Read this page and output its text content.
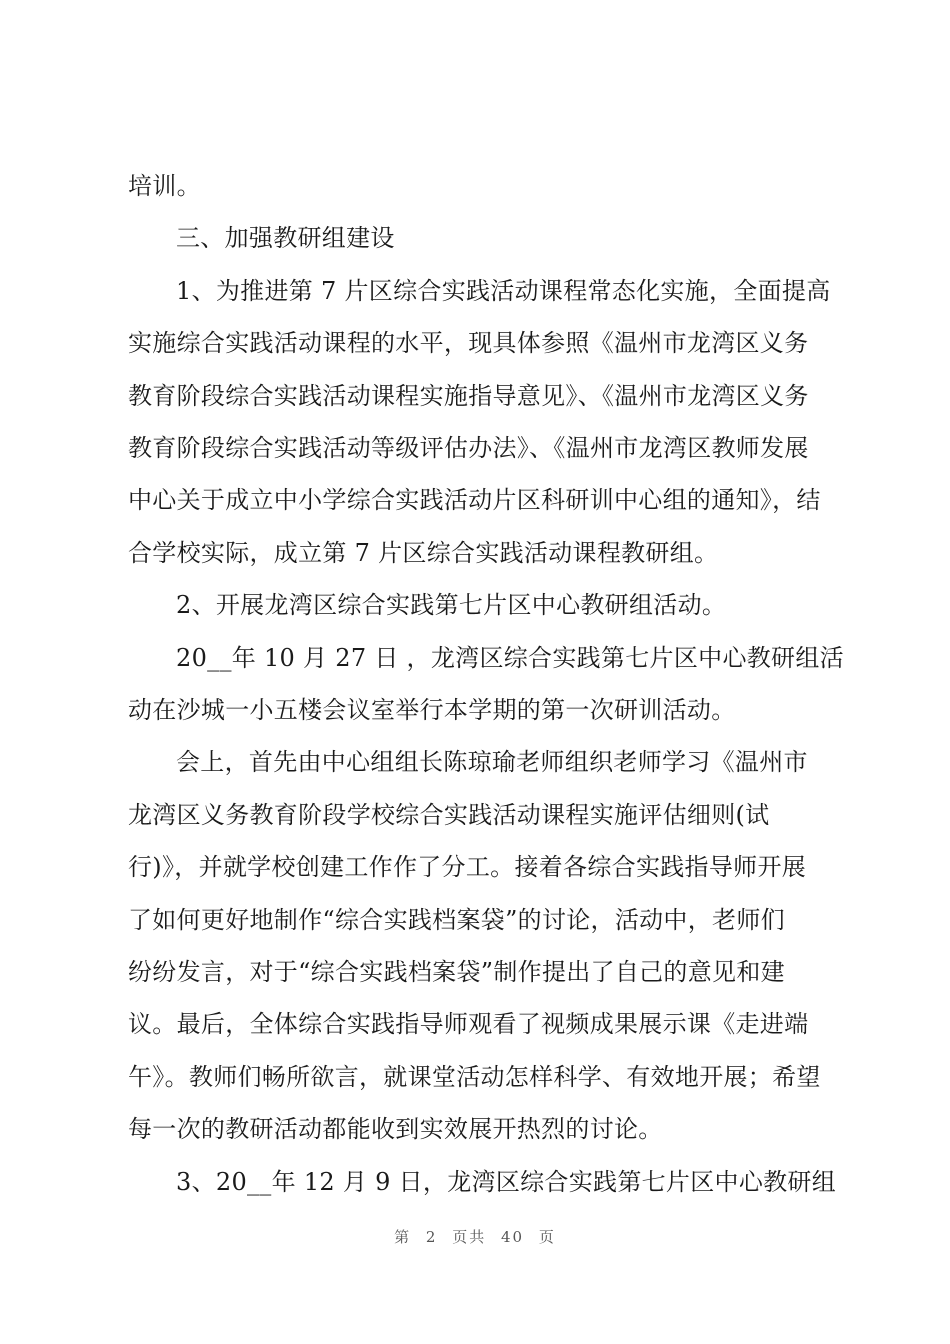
培训。
三、加强教研组建设
1、为推进第 7 片区综合实践活动课程常态化实施，全面提高
实施综合实践活动课程的水平，现具体参照《温州市龙湾区义务
教育阶段综合实践活动课程实施指导意见》、《温州市龙湾区义务
教育阶段综合实践活动等级评估办法》、《温州市龙湾区教师发展
中心关于成立中小学综合实践活动片区科研训中心组的通知》，结
合学校实际，成立第 7 片区综合实践活动课程教研组。
2、开展龙湾区综合实践第七片区中心教研组活动。
20__年 10 月 27 日 ，龙湾区综合实践第七片区中心教研组活
动在沙城一小五楼会议室举行本学期的第一次研训活动。
会上，首先由中心组组长陈琼瑜老师组织老师学习《温州市
龙湾区义务教育阶段学校综合实践活动课程实施评估细则(试
行)》，并就学校创建工作作了分工。接着各综合实践指导师开展
了如何更好地制作“综合实践档案袋”的讨论，活动中，老师们
纷纷发言，对于“综合实践档案袋”制作提出了自己的意见和建
议。最后，全体综合实践指导师观看了视频成果展示课《走进端
午》。教师们畅所欲言，就课堂活动怎样科学、有效地开展；希望
每一次的教研活动都能收到实效展开热烈的讨论。
3、20__年 12 月 9 日，龙湾区综合实践第七片区中心教研组
第 2 页共 40 页
